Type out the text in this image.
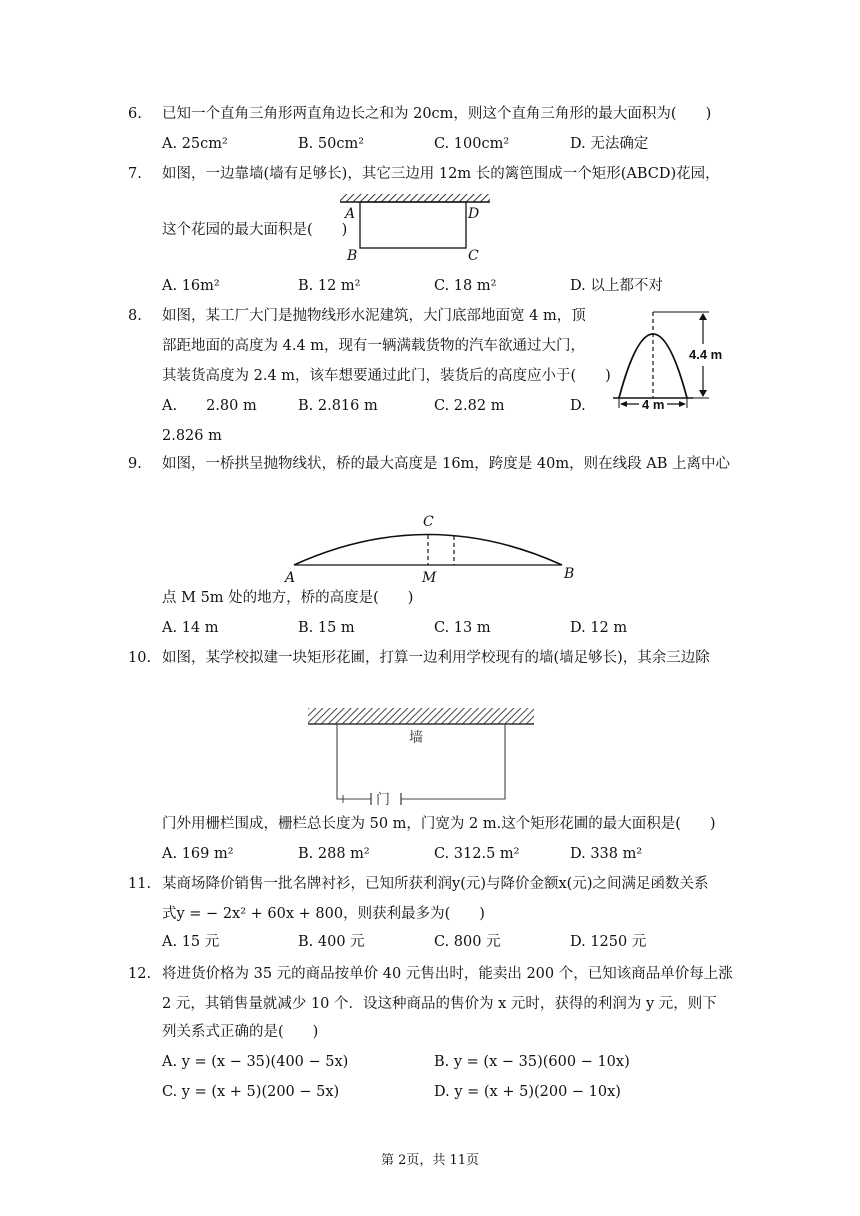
6.	已知一个直角三角形两直角边长之和为 20cm，则这个直角三角形的最大面积为(　　)
A. 25cm²	B. 50cm²	C. 100cm²	D. 无法确定
7.	如图，一边靠墙(墙有足够长)，其它三边用 12m 长的篱笆围成一个矩形(ABCD)花园，
这个花园的最大面积是(　　)
A	D
B	C
A. 16m²	B. 12 m²	C. 18 m²	D. 以上都不对
8.	如图，某工厂大门是抛物线形水泥建筑，大门底部地面宽 4 m，顶
部距地面的高度为 4.4 m，现有一辆满载货物的汽车欲通过大门，
其装货高度为 2.4 m，该车想要通过此门，装货后的高度应小于(　　)
A.　　2.80 m	B. 2.816 m	C. 2.82 m	D.
2.826 m
4.4 m
4 m
9.	如图，一桥拱呈抛物线状，桥的最大高度是 16m，跨度是 40m，则在线段 AB 上离中心
C
A	M	B
点 M 5m 处的地方，桥的高度是(　　)
A. 14 m	B. 15 m	C. 13 m	D. 12 m
10. 如图，某学校拟建一块矩形花圃，打算一边利用学校现有的墙(墙足够长)，其余三边除
墙
门
门外用栅栏围成，栅栏总长度为 50 m，门宽为 2 m.这个矩形花圃的最大面积是(　　)
A. 169 m²	B. 288 m²	C. 312.5 m²	D. 338 m²
11. 某商场降价销售一批名牌衬衫，已知所获利润y(元)与降价金额x(元)之间满足函数关系
式y = − 2x² + 60x + 800，则获利最多为(　　)
A. 15 元	B. 400 元	C. 800 元	D. 1250 元
12. 将进货价格为 35 元的商品按单价 40 元售出时，能卖出 200 个，已知该商品单价每上涨
2 元，其销售量就减少 10 个．设这种商品的售价为 x 元时，获得的利润为 y 元，则下
列关系式正确的是(　　)
A. y = (x − 35)(400 − 5x)	B. y = (x − 35)(600 − 10x)
C. y = (x + 5)(200 − 5x)	D. y = (x + 5)(200 − 10x)
第 2页，共 11页
